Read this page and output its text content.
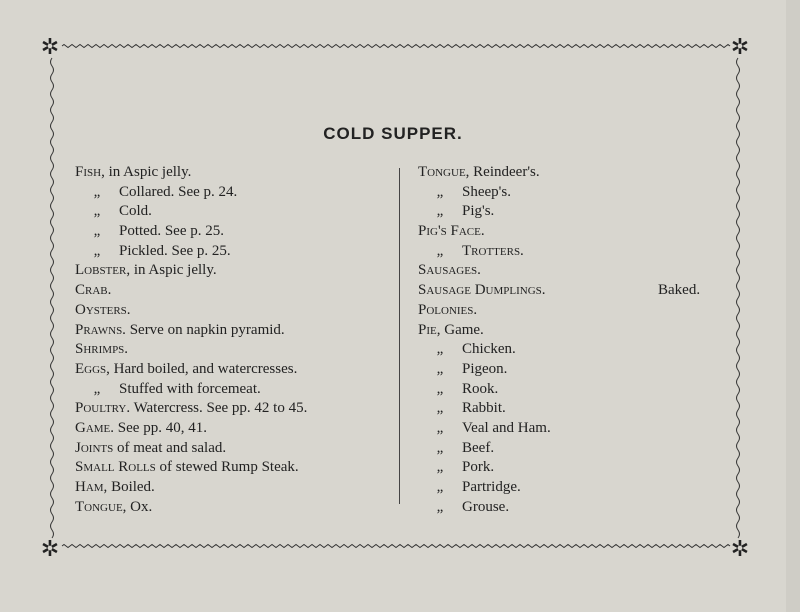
✲	✲
✲	✲
COLD SUPPER.
Fish, in Aspic jelly.
„ Collared. See p. 24.
„ Cold.
„ Potted. See p. 25.
„ Pickled. See p. 25.
Lobster, in Aspic jelly.
Crab.
Oysters.
Prawns. Serve on napkin pyramid.
Shrimps.
Eggs, Hard boiled, and watercresses.
„ Stuffed with forcemeat.
Poultry. Watercress. See pp. 42 to 45.
Game. See pp. 40, 41.
Joints of meat and salad.
Small Rolls of stewed Rump Steak.
Ham, Boiled.
Tongue, Ox.
Tongue, Reindeer's.
„ Sheep's.
„ Pig's.
Pig's Face.
„ Trotters.
Sausages.
Sausage Dumplings.	Baked.
Polonies.
Pie, Game.
„ Chicken.
„ Pigeon.
„ Rook.
„ Rabbit.
„ Veal and Ham.
„ Beef.
„ Pork.
„ Partridge.
„ Grouse.
